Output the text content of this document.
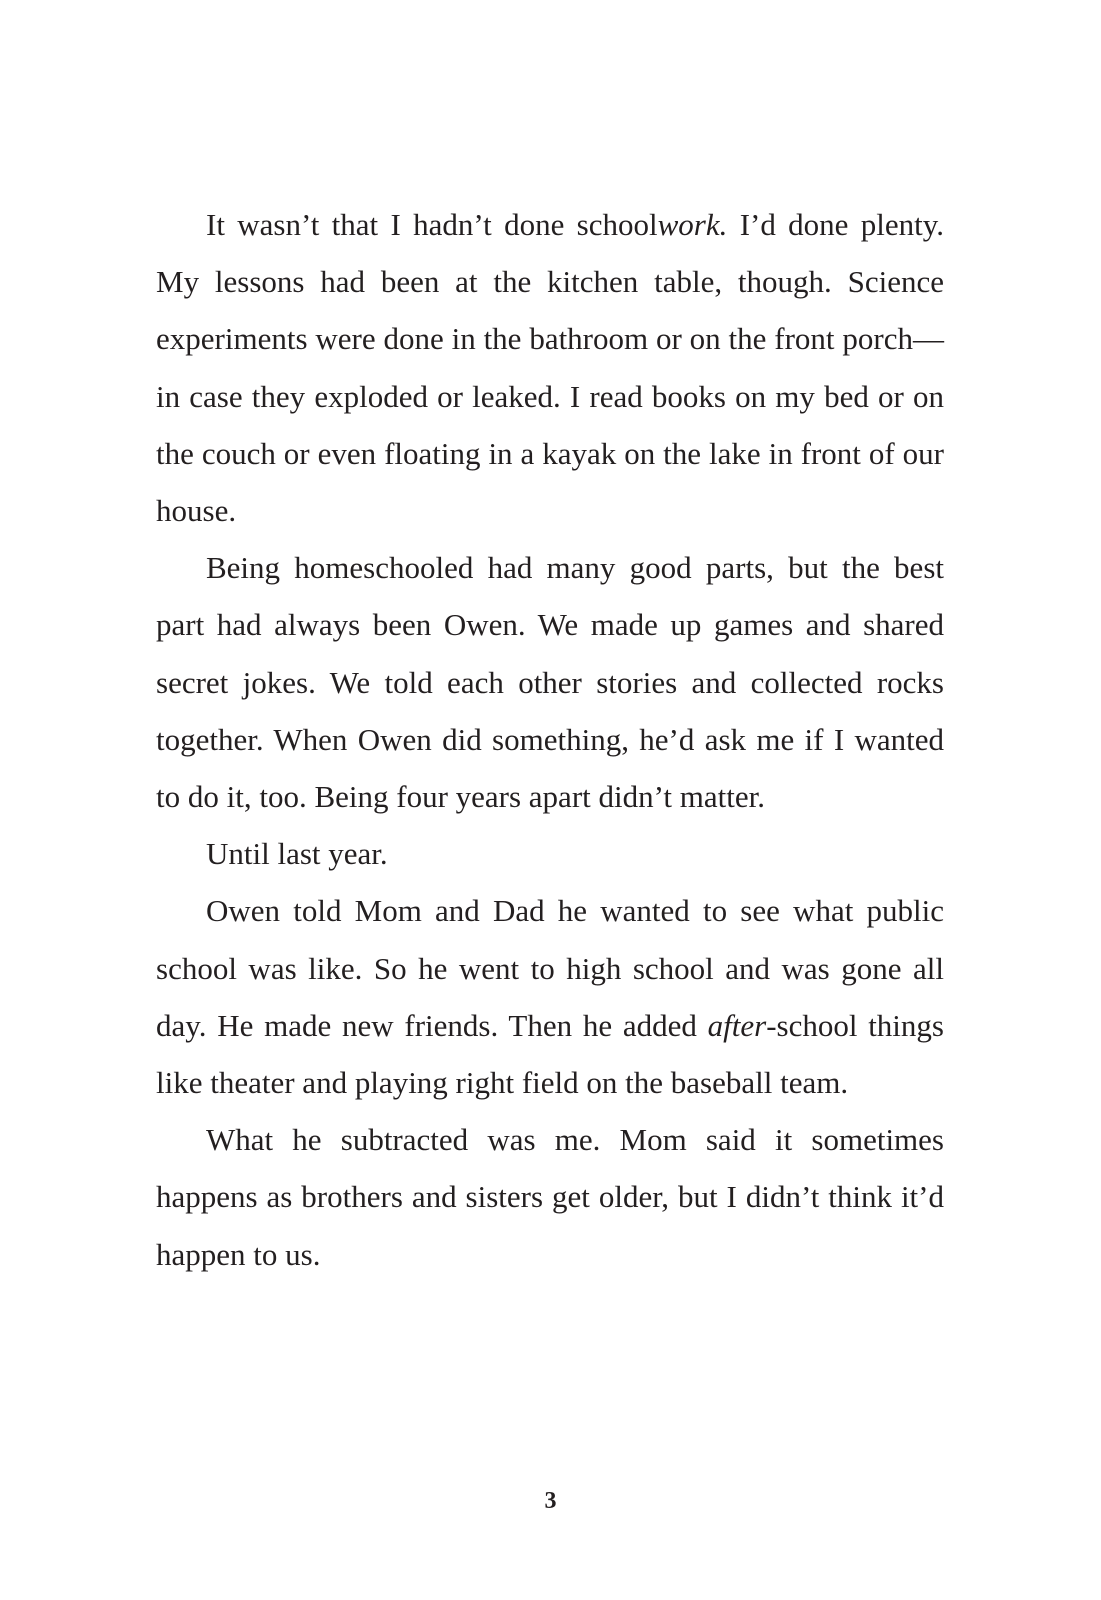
It wasn’t that I hadn’t done schoolwork. I’d done plenty. My lessons had been at the kitchen table, though. Science experiments were done in the bathroom or on the front porch—in case they exploded or leaked. I read books on my bed or on the couch or even floating in a kayak on the lake in front of our house.

Being homeschooled had many good parts, but the best part had always been Owen. We made up games and shared secret jokes. We told each other stories and collected rocks together. When Owen did something, he’d ask me if I wanted to do it, too. Being four years apart didn’t matter.

Until last year.

Owen told Mom and Dad he wanted to see what public school was like. So he went to high school and was gone all day. He made new friends. Then he added after-school things like theater and playing right field on the baseball team.

What he subtracted was me. Mom said it sometimes happens as brothers and sisters get older, but I didn’t think it’d happen to us.

3
